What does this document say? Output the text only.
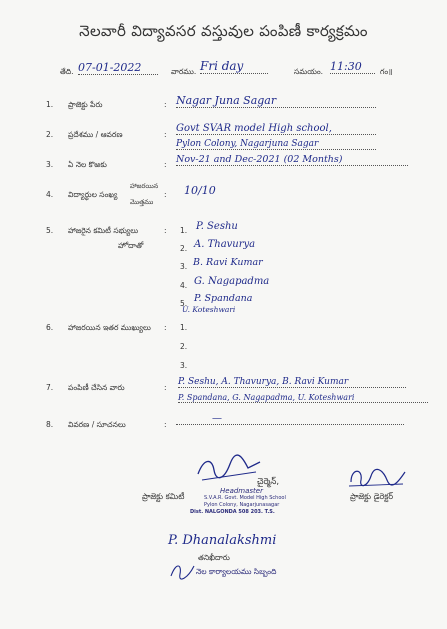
నెలవారీ విద్యావసర వస్తువుల పంపిణీ కార్యక్రమం
తేది. 07-01-2022	వారము. Fri day	సమయం. 11:30	గం॥
1. ప్రాజెక్టు పేరు	: Nagar Juna Sagar
2. ప్రదేశము / ఆవరణ	:
Govt SVAR model High school,
Pylon Colony, Nagarjuna Sagar
3. ఏ నెల కొఱకు	: Nov-21 and Dec-2021 (02 Months)
4. విద్యార్థుల సంఖ్య
హాజరయిన
మొత్తము
: 10/10
5. హాజరైన కమిటీ సభ్యులు
హోదాతో
: 1. P. Seshu
2. A. Thavurya
3. B. Ravi Kumar
4. G. Nagapadma
5. P. Spandana
U. Koteshwari
6. హాజరయిన ఇతర ముఖ్యులు : 1.
2.
3.
7. పంపిణీ చేసిన వారు	:
P. Seshu, A. Thavurya, B. Ravi Kumar
P. Spandana, G. Nagapadma, U. Koteshwari
8. వివరణ / సూచనలు	:
—
చైర్మెన్,
ప్రాజెక్టు కమిటీ
Headmaster
S.V.A.R. Govt. Model High School
Pylon Colony, Nagarjunasagar
Dist. NALGONDA 508 203. T.S.
ప్రాజెక్టు డైరెక్టర్
P. Dhanalakshmi
తనిఖీదారు
నెల కార్యాలయము సిబ్బంది
